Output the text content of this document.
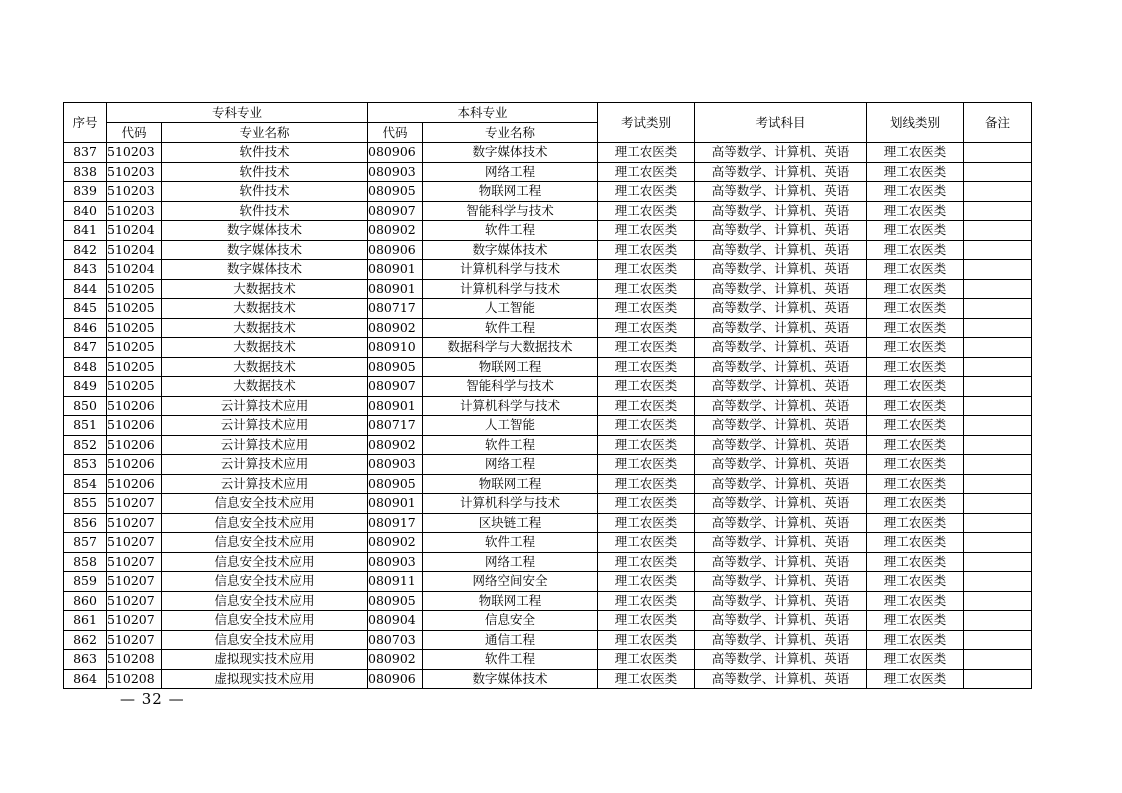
序号	专科专业		本科专业		考试类别	考试科目	划线类别	备注
	代码	专业名称	代码	专业名称				
837	510203	软件技术	080906	数字媒体技术	理工农医类	高等数学、计算机、英语	理工农医类	
838	510203	软件技术	080903	网络工程	理工农医类	高等数学、计算机、英语	理工农医类	
839	510203	软件技术	080905	物联网工程	理工农医类	高等数学、计算机、英语	理工农医类	
840	510203	软件技术	080907	智能科学与技术	理工农医类	高等数学、计算机、英语	理工农医类	
841	510204	数字媒体技术	080902	软件工程	理工农医类	高等数学、计算机、英语	理工农医类	
842	510204	数字媒体技术	080906	数字媒体技术	理工农医类	高等数学、计算机、英语	理工农医类	
843	510204	数字媒体技术	080901	计算机科学与技术	理工农医类	高等数学、计算机、英语	理工农医类	
844	510205	大数据技术	080901	计算机科学与技术	理工农医类	高等数学、计算机、英语	理工农医类	
845	510205	大数据技术	080717	人工智能	理工农医类	高等数学、计算机、英语	理工农医类	
846	510205	大数据技术	080902	软件工程	理工农医类	高等数学、计算机、英语	理工农医类	
847	510205	大数据技术	080910	数据科学与大数据技术	理工农医类	高等数学、计算机、英语	理工农医类	
848	510205	大数据技术	080905	物联网工程	理工农医类	高等数学、计算机、英语	理工农医类	
849	510205	大数据技术	080907	智能科学与技术	理工农医类	高等数学、计算机、英语	理工农医类	
850	510206	云计算技术应用	080901	计算机科学与技术	理工农医类	高等数学、计算机、英语	理工农医类	
851	510206	云计算技术应用	080717	人工智能	理工农医类	高等数学、计算机、英语	理工农医类	
852	510206	云计算技术应用	080902	软件工程	理工农医类	高等数学、计算机、英语	理工农医类	
853	510206	云计算技术应用	080903	网络工程	理工农医类	高等数学、计算机、英语	理工农医类	
854	510206	云计算技术应用	080905	物联网工程	理工农医类	高等数学、计算机、英语	理工农医类	
855	510207	信息安全技术应用	080901	计算机科学与技术	理工农医类	高等数学、计算机、英语	理工农医类	
856	510207	信息安全技术应用	080917	区块链工程	理工农医类	高等数学、计算机、英语	理工农医类	
857	510207	信息安全技术应用	080902	软件工程	理工农医类	高等数学、计算机、英语	理工农医类	
858	510207	信息安全技术应用	080903	网络工程	理工农医类	高等数学、计算机、英语	理工农医类	
859	510207	信息安全技术应用	080911	网络空间安全	理工农医类	高等数学、计算机、英语	理工农医类	
860	510207	信息安全技术应用	080905	物联网工程	理工农医类	高等数学、计算机、英语	理工农医类	
861	510207	信息安全技术应用	080904	信息安全	理工农医类	高等数学、计算机、英语	理工农医类	
862	510207	信息安全技术应用	080703	通信工程	理工农医类	高等数学、计算机、英语	理工农医类	
863	510208	虚拟现实技术应用	080902	软件工程	理工农医类	高等数学、计算机、英语	理工农医类	
864	510208	虚拟现实技术应用	080906	数字媒体技术	理工农医类	高等数学、计算机、英语	理工农医类	
— 32 —
